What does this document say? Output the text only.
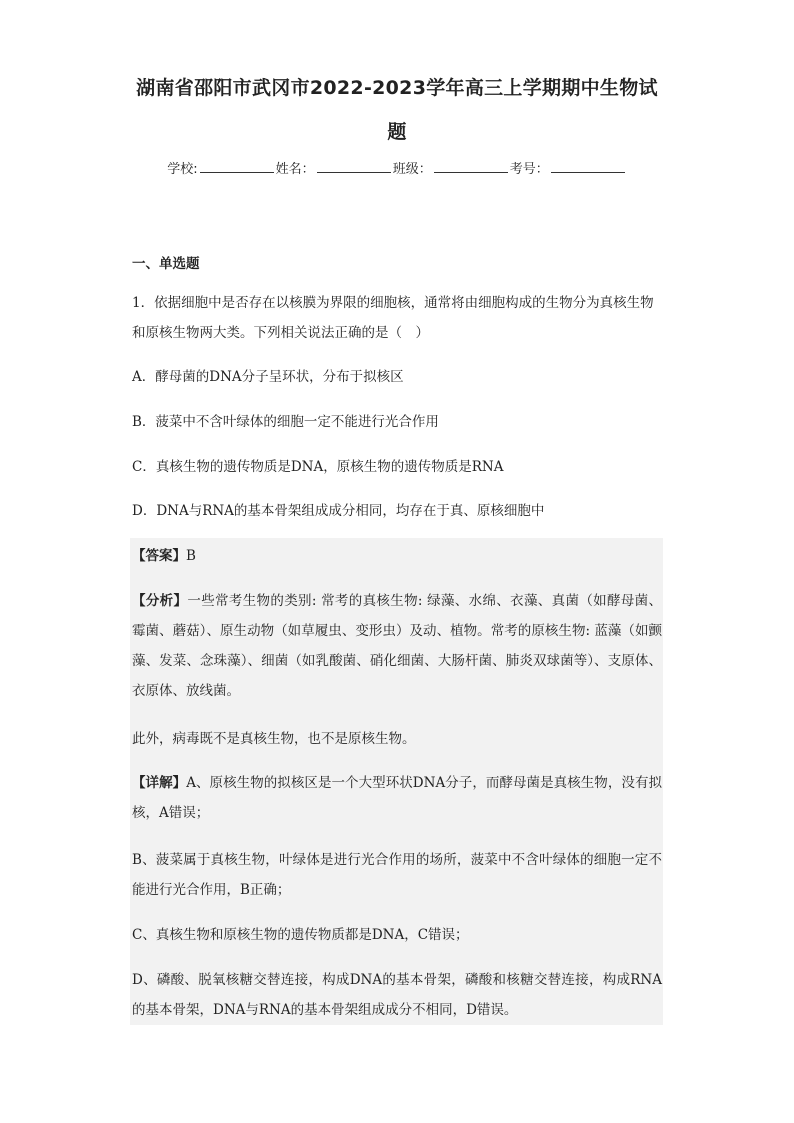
湖南省邵阳市武冈市2022-2023学年高三上学期期中生物试题
学校:	姓名：	班级：	考号：
一、单选题
1．依据细胞中是否存在以核膜为界限的细胞核，通常将由细胞构成的生物分为真核生物和原核生物两大类。下列相关说法正确的是（　）
A．酵母菌的DNA分子呈环状，分布于拟核区
B．菠菜中不含叶绿体的细胞一定不能进行光合作用
C．真核生物的遗传物质是DNA，原核生物的遗传物质是RNA
D．DNA与RNA的基本骨架组成成分相同，均存在于真、原核细胞中
【答案】B
【分析】一些常考生物的类别: 常考的真核生物: 绿藻、水绵、衣藻、真菌（如酵母菌、霉菌、蘑菇）、原生动物（如草履虫、变形虫）及动、植物。常考的原核生物: 蓝藻（如颤藻、发菜、念珠藻）、细菌（如乳酸菌、硝化细菌、大肠杆菌、肺炎双球菌等）、支原体、衣原体、放线菌。
此外，病毒既不是真核生物，也不是原核生物。
【详解】A、原核生物的拟核区是一个大型环状DNA分子，而酵母菌是真核生物，没有拟核，A错误；
B、菠菜属于真核生物，叶绿体是进行光合作用的场所，菠菜中不含叶绿体的细胞一定不能进行光合作用，B正确；
C、真核生物和原核生物的遗传物质都是DNA，C错误；
D、磷酸、脱氧核糖交替连接，构成DNA的基本骨架，磷酸和核糖交替连接，构成RNA的基本骨架，DNA与RNA的基本骨架组成成分不相同，D错误。
